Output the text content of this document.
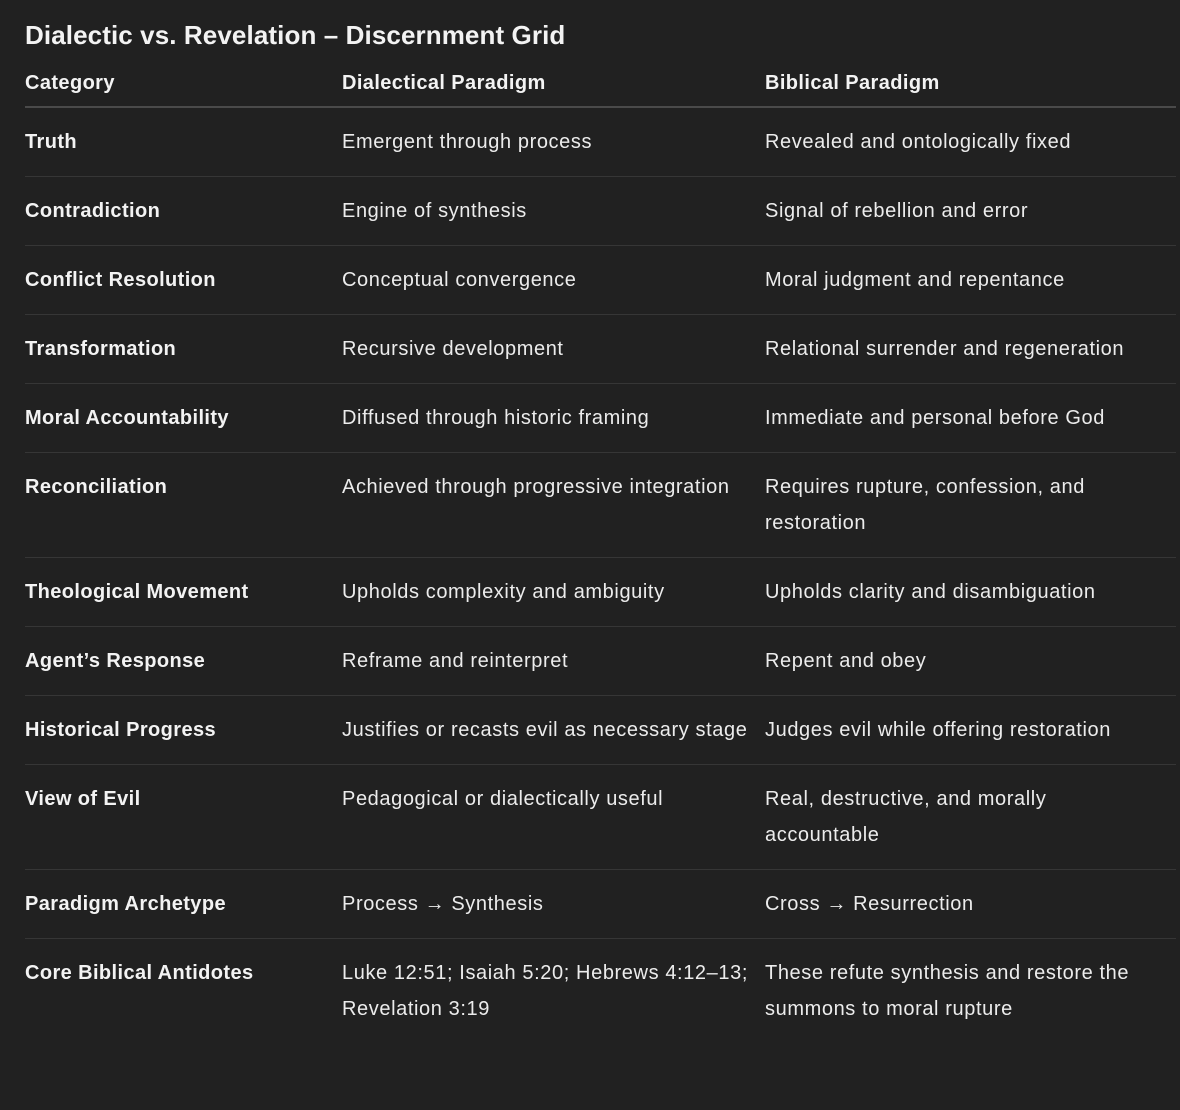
Dialectic vs. Revelation – Discernment Grid
Category	Dialectical Paradigm	Biblical Paradigm
Truth	Emergent through process	Revealed and ontologically fixed
Contradiction	Engine of synthesis	Signal of rebellion and error
Conflict Resolution	Conceptual convergence	Moral judgment and repentance
Transformation	Recursive development	Relational surrender and regeneration
Moral Accountability	Diffused through historic framing	Immediate and personal before God
Reconciliation	Achieved through progressive integration	Requires rupture, confession, and restoration
Theological Movement	Upholds complexity and ambiguity	Upholds clarity and disambiguation
Agent’s Response	Reframe and reinterpret	Repent and obey
Historical Progress	Justifies or recasts evil as necessary stage	Judges evil while offering restoration
View of Evil	Pedagogical or dialectically useful	Real, destructive, and morally accountable
Paradigm Archetype	Process → Synthesis	Cross → Resurrection
Core Biblical Antidotes	Luke 12:51; Isaiah 5:20; Hebrews 4:12–13; Revelation 3:19	These refute synthesis and restore the summons to moral rupture
